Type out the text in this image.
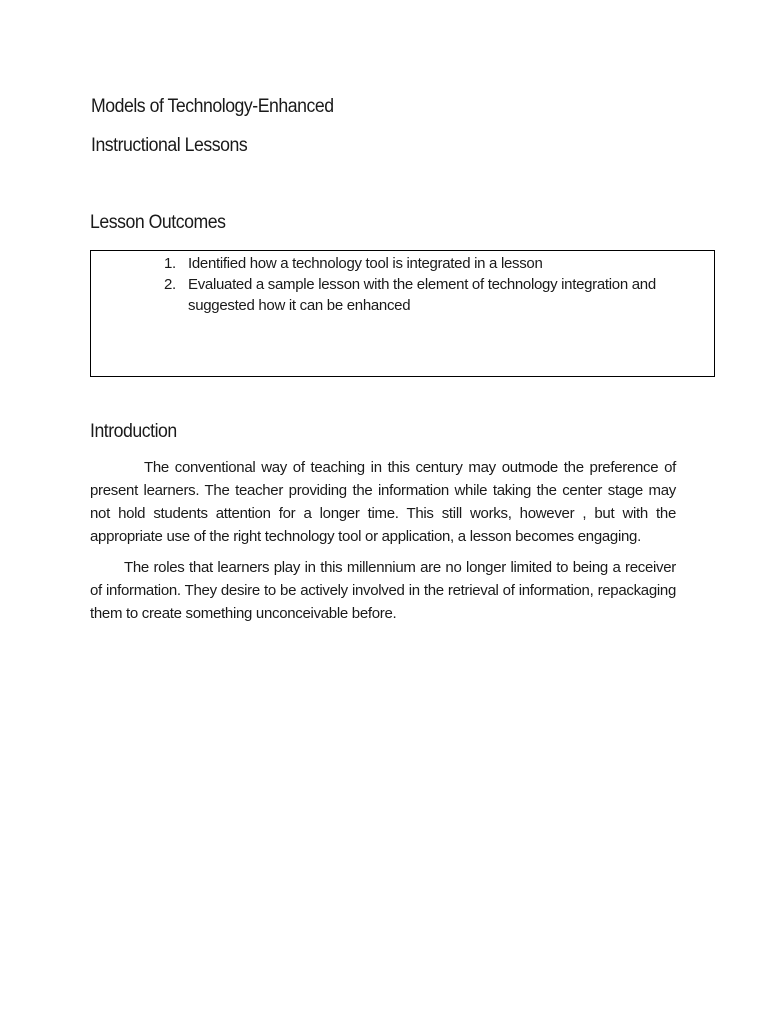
Models of Technology-Enhanced
Instructional Lessons
Lesson Outcomes
1. Identified how a technology tool is integrated in a lesson
2. Evaluated a sample lesson with the element of technology integration and suggested how it can be enhanced
Introduction

The conventional way of teaching in this century may outmode the preference of present learners. The teacher providing the information while taking the center stage may not hold students attention for a longer time. This still works, however , but with the appropriate use of the right technology tool or application, a lesson becomes engaging.

The roles that learners play in this millennium are no longer limited to being a receiver of information. They desire to be actively involved in the retrieval of information, repackaging them to create something unconceivable before.
